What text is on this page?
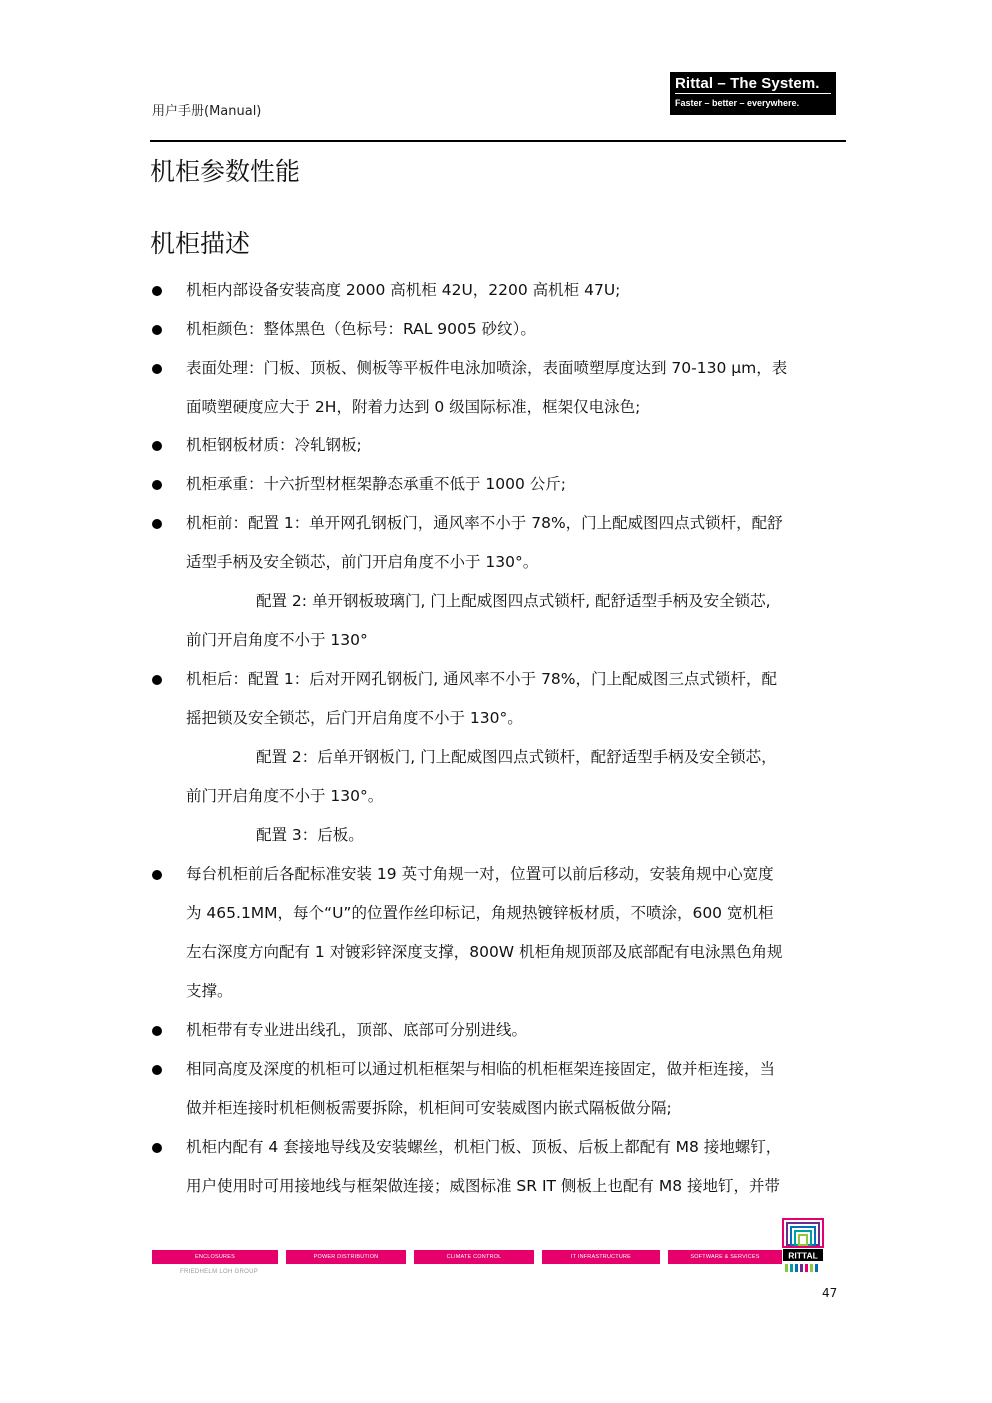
用户手册(Manual)
Rittal – The System.
Faster – better – everywhere.
机柜参数性能
机柜描述
机柜内部设备安装高度 2000 高机柜 42U，2200 高机柜 47U;
机柜颜色：整体黑色（色标号：RAL 9005 砂纹）。
表面处理：门板、顶板、侧板等平板件电泳加喷涂，表面喷塑厚度达到 70-130 μm，表
面喷塑硬度应大于 2H，附着力达到 0 级国际标准，框架仅电泳色;
机柜钢板材质：冷轧钢板;
机柜承重：十六折型材框架静态承重不低于 1000 公斤;
机柜前：配置 1：单开网孔钢板门，通风率不小于 78%，门上配威图四点式锁杆，配舒
适型手柄及安全锁芯，前门开启角度不小于 130°。
配置 2: 单开钢板玻璃门, 门上配威图四点式锁杆, 配舒适型手柄及安全锁芯,
前门开启角度不小于 130°
机柜后：配置 1：后对开网孔钢板门, 通风率不小于 78%，门上配威图三点式锁杆，配
摇把锁及安全锁芯，后门开启角度不小于 130°。
配置 2：后单开钢板门, 门上配威图四点式锁杆，配舒适型手柄及安全锁芯，
前门开启角度不小于 130°。
配置 3：后板。
每台机柜前后各配标准安装 19 英寸角规一对，位置可以前后移动，安装角规中心宽度
为 465.1MM，每个“U”的位置作丝印标记，角规热镀锌板材质，不喷涂，600 宽机柜
左右深度方向配有 1 对镀彩锌深度支撑，800W 机柜角规顶部及底部配有电泳黑色角规
支撑。
机柜带有专业进出线孔，顶部、底部可分别进线。
相同高度及深度的机柜可以通过机柜框架与相临的机柜框架连接固定，做并柜连接，当
做并柜连接时机柜侧板需要拆除，机柜间可安装威图内嵌式隔板做分隔;
机柜内配有 4 套接地导线及安装螺丝，机柜门板、顶板、后板上都配有 M8 接地螺钉，
用户使用时可用接地线与框架做连接；威图标准 SR IT 侧板上也配有 M8 接地钉，并带
ENCLOSURES	POWER DISTRIBUTION	CLIMATE CONTROL	IT INFRASTRUCTURE	SOFTWARE & SERVICES
FRIEDHELM LOH GROUP
RITTAL
47
